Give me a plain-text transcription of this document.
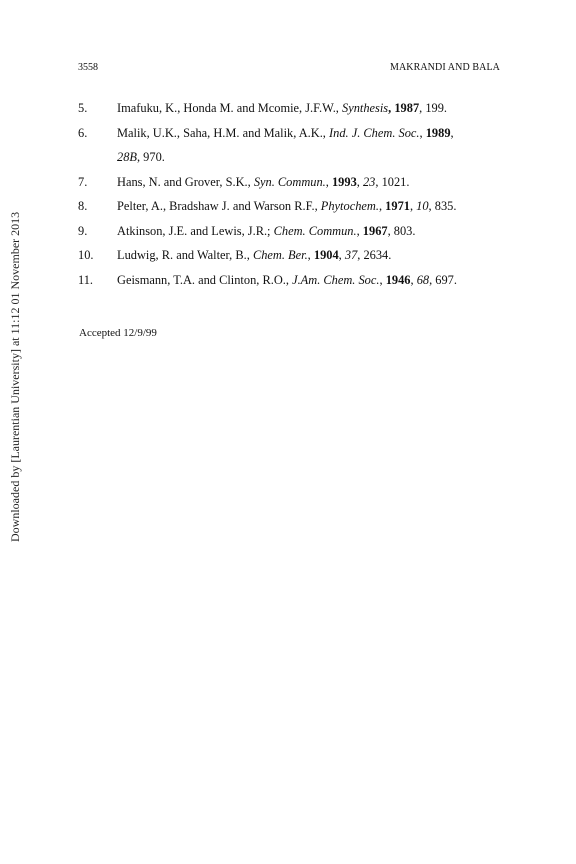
3558	MAKRANDI AND BALA
5. Imafuku, K., Honda M. and Mcomie, J.F.W., Synthesis, 1987, 199.
6. Malik, U.K., Saha, H.M. and Malik, A.K., Ind. J. Chem. Soc., 1989,
28B, 970.
7. Hans, N. and Grover, S.K., Syn. Commun., 1993, 23, 1021.
8. Pelter, A., Bradshaw J. and Warson R.F., Phytochem., 1971, 10, 835.
9. Atkinson, J.E. and Lewis, J.R.; Chem. Commun., 1967, 803.
10. Ludwig, R. and Walter, B., Chem. Ber., 1904, 37, 2634.
11. Geismann, T.A. and Clinton, R.O., J.Am. Chem. Soc., 1946, 68, 697.
Accepted 12/9/99
Downloaded by [Laurentian University] at 11:12 01 November 2013
